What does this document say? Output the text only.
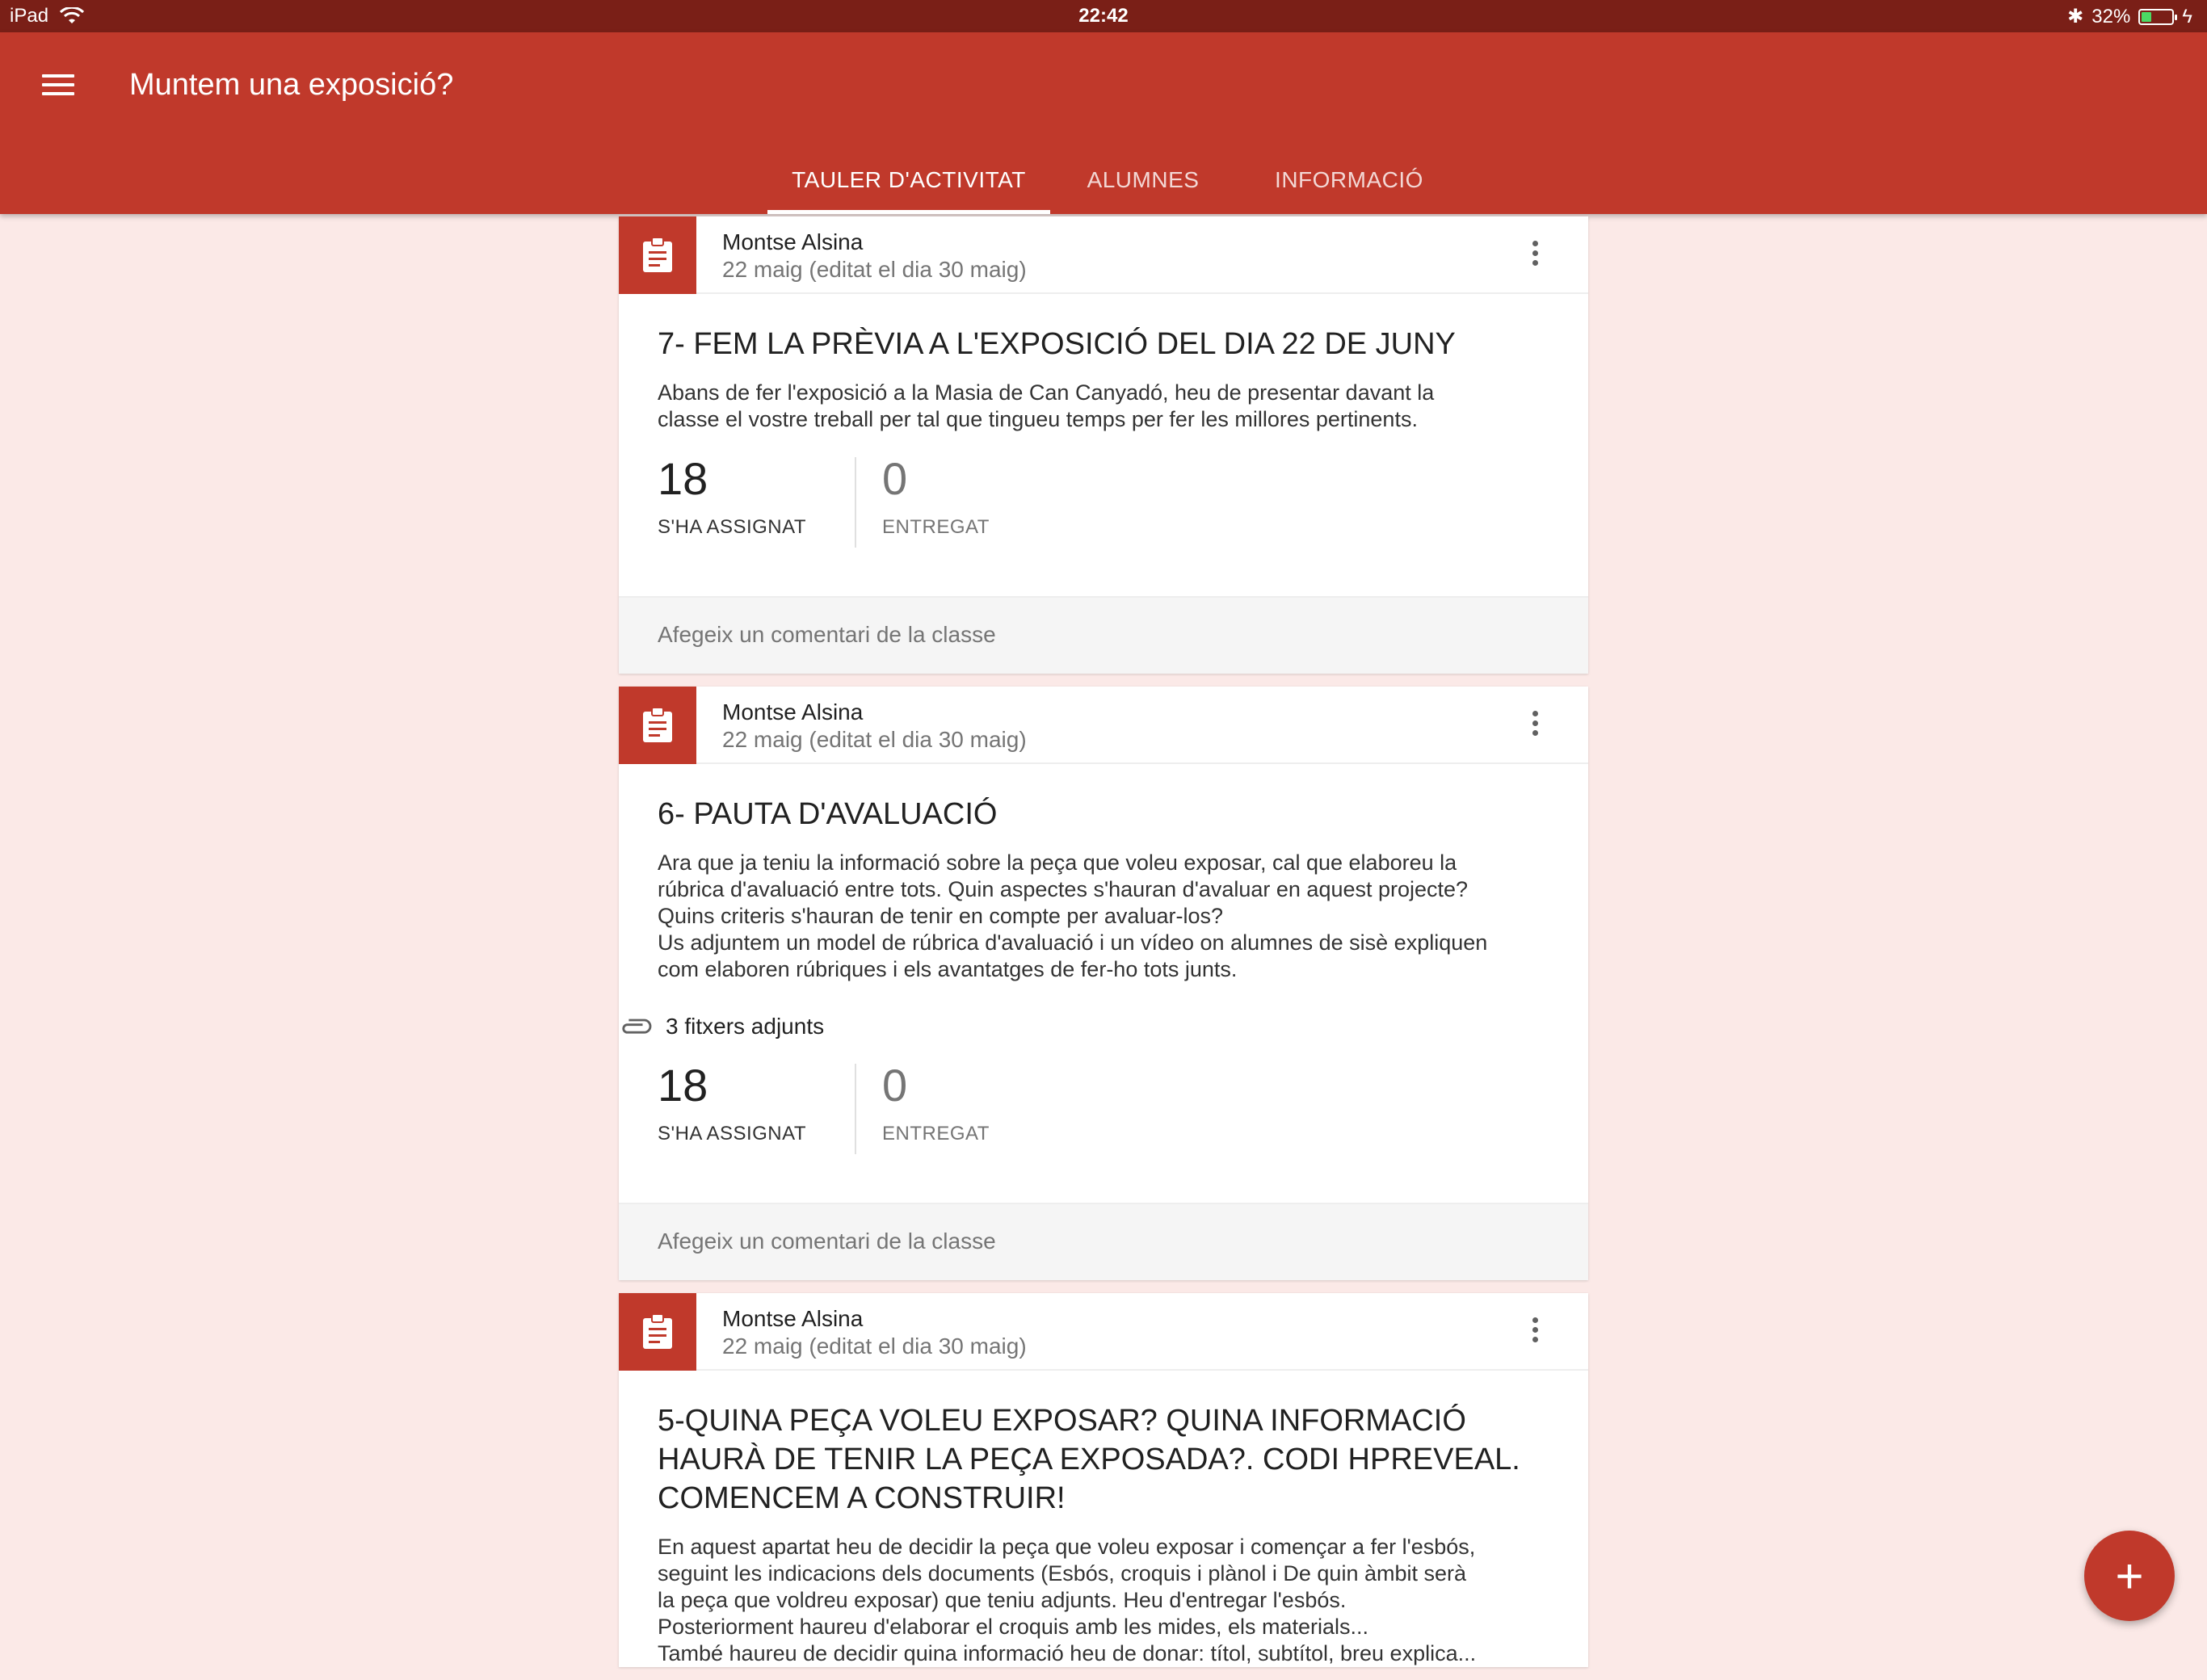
iPad	22:42	✱ 32%	ϟ
Muntem una exposició?
TAULER D'ACTIVITAT	ALUMNES	INFORMACIÓ
Montse Alsina
22 maig (editat el dia 30 maig)
7- FEM LA PRÈVIA A L'EXPOSICIÓ DEL DIA 22 DE JUNY
Abans de fer l'exposició a la Masia de Can Canyadó, heu de presentar davant la
classe el vostre treball per tal que tingueu temps per fer les millores pertinents.
18
S'HA ASSIGNAT
0
ENTREGAT
Afegeix un comentari de la classe
Montse Alsina
22 maig (editat el dia 30 maig)
6- PAUTA D'AVALUACIÓ
Ara que ja teniu la informació sobre la peça que voleu exposar, cal que elaboreu la
rúbrica d'avaluació entre tots. Quin aspectes s'hauran d'avaluar en aquest projecte?
Quins criteris s'hauran de tenir en compte per avaluar-los?
Us adjuntem un model de rúbrica d'avaluació i un vídeo on alumnes de sisè expliquen
com elaboren rúbriques i els avantatges de fer-ho tots junts.
3 fitxers adjunts
18
S'HA ASSIGNAT
0
ENTREGAT
Afegeix un comentari de la classe
Montse Alsina
22 maig (editat el dia 30 maig)
5-QUINA PEÇA VOLEU EXPOSAR? QUINA INFORMACIÓ
HAURÀ DE TENIR LA PEÇA EXPOSADA?. CODI HPREVEAL.
COMENCEM A CONSTRUIR!
En aquest apartat heu de decidir la peça que voleu exposar i començar a fer l'esbós,
seguint les indicacions dels documents (Esbós, croquis i plànol i De quin àmbit serà
la peça que voldreu exposar) que teniu adjunts. Heu d'entregar l'esbós.
Posteriorment haureu d'elaborar el croquis amb les mides, els materials...
També haureu de decidir quina informació heu de donar: títol, subtítol, breu explica...
+
